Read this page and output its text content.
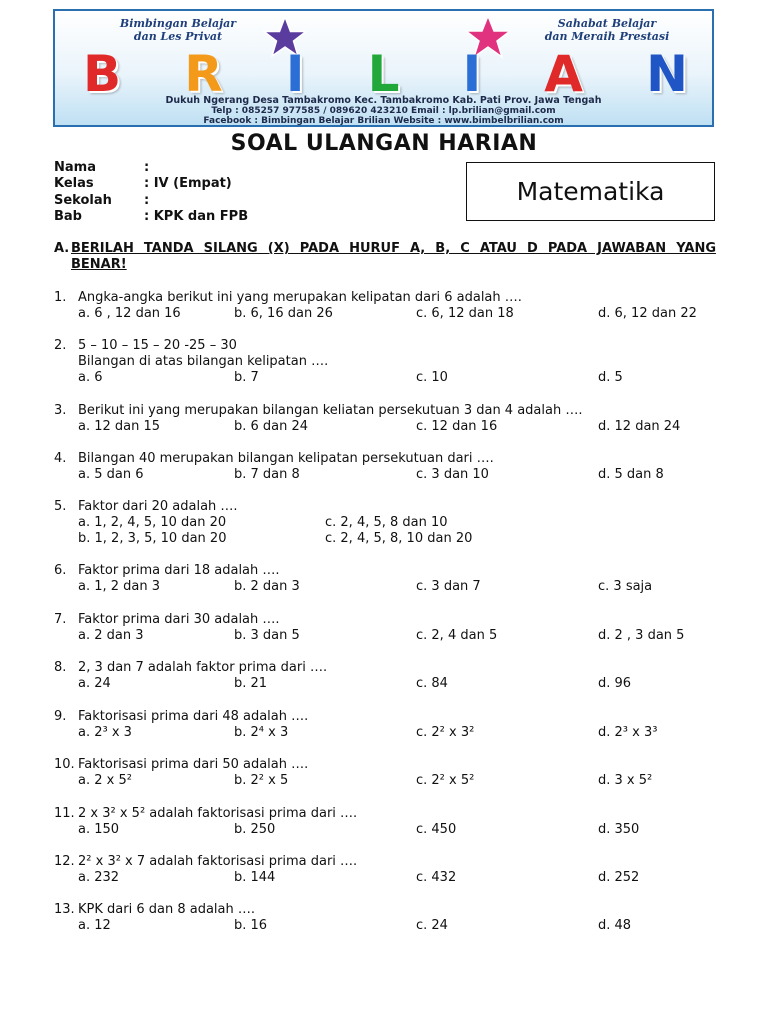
Bimbingan Belajar
dan Les Privat
Sahabat Belajar
dan Meraih Prestasi
B R I L I A N
Dukuh Ngerang Desa Tambakromo Kec. Tambakromo Kab. Pati Prov. Jawa Tengah
Telp : 085257 977585 / 089620 423210 Email : lp.brilian@gmail.com
Facebook : Bimbingan Belajar Brilian Website : www.bimbelbrilian.com
SOAL ULANGAN HARIAN
Matematika
Nama	:
Kelas	: IV (Empat)
Sekolah :
Bab	: KPK dan FPB
A. BERILAH TANDA SILANG (X) PADA HURUF A, B, C ATAU D PADA JAWABAN YANG
BENAR!
1. Angka-angka berikut ini yang merupakan kelipatan dari 6 adalah ….
a. 6 , 12 dan 16	b. 6, 16 dan 26	c. 6, 12 dan 18	d. 6, 12 dan 22
2. 5 – 10 – 15 – 20 -25 – 30
Bilangan di atas bilangan kelipatan ….
a. 6	b. 7	c. 10	d. 5
3. Berikut ini yang merupakan bilangan keliatan persekutuan 3 dan 4 adalah ….
a. 12 dan 15	b. 6 dan 24	c. 12 dan 16	d. 12 dan 24
4. Bilangan 40 merupakan bilangan kelipatan persekutuan dari ….
a. 5 dan 6	b. 7 dan 8	c. 3 dan 10	d. 5 dan 8
5. Faktor dari 20 adalah ….
a. 1, 2, 4, 5, 10 dan 20	c. 2, 4, 5, 8 dan 10
b. 1, 2, 3, 5, 10 dan 20	c. 2, 4, 5, 8, 10 dan 20
6. Faktor prima dari 18 adalah ….
a. 1, 2 dan 3	b. 2 dan 3	c. 3 dan 7	c. 3 saja
7. Faktor prima dari 30 adalah ….
a. 2 dan 3	b. 3 dan 5	c. 2, 4 dan 5	d. 2 , 3 dan 5
8. 2, 3 dan 7 adalah faktor prima dari ….
a. 24	b. 21	c. 84	d. 96
9. Faktorisasi prima dari 48 adalah ….
a. 2³ x 3	b. 2⁴ x 3	c. 2² x 3²	d. 2³ x 3³
10. Faktorisasi prima dari 50 adalah ….
a. 2 x 5²	b. 2² x 5	c. 2² x 5²	d. 3 x 5²
11. 2 x 3² x 5² adalah faktorisasi prima dari ….
a. 150	b. 250	c. 450	d. 350
12. 2² x 3² x 7 adalah faktorisasi prima dari ….
a. 232	b. 144	c. 432	d. 252
13. KPK dari 6 dan 8 adalah ….
a. 12	b. 16	c. 24	d. 48
